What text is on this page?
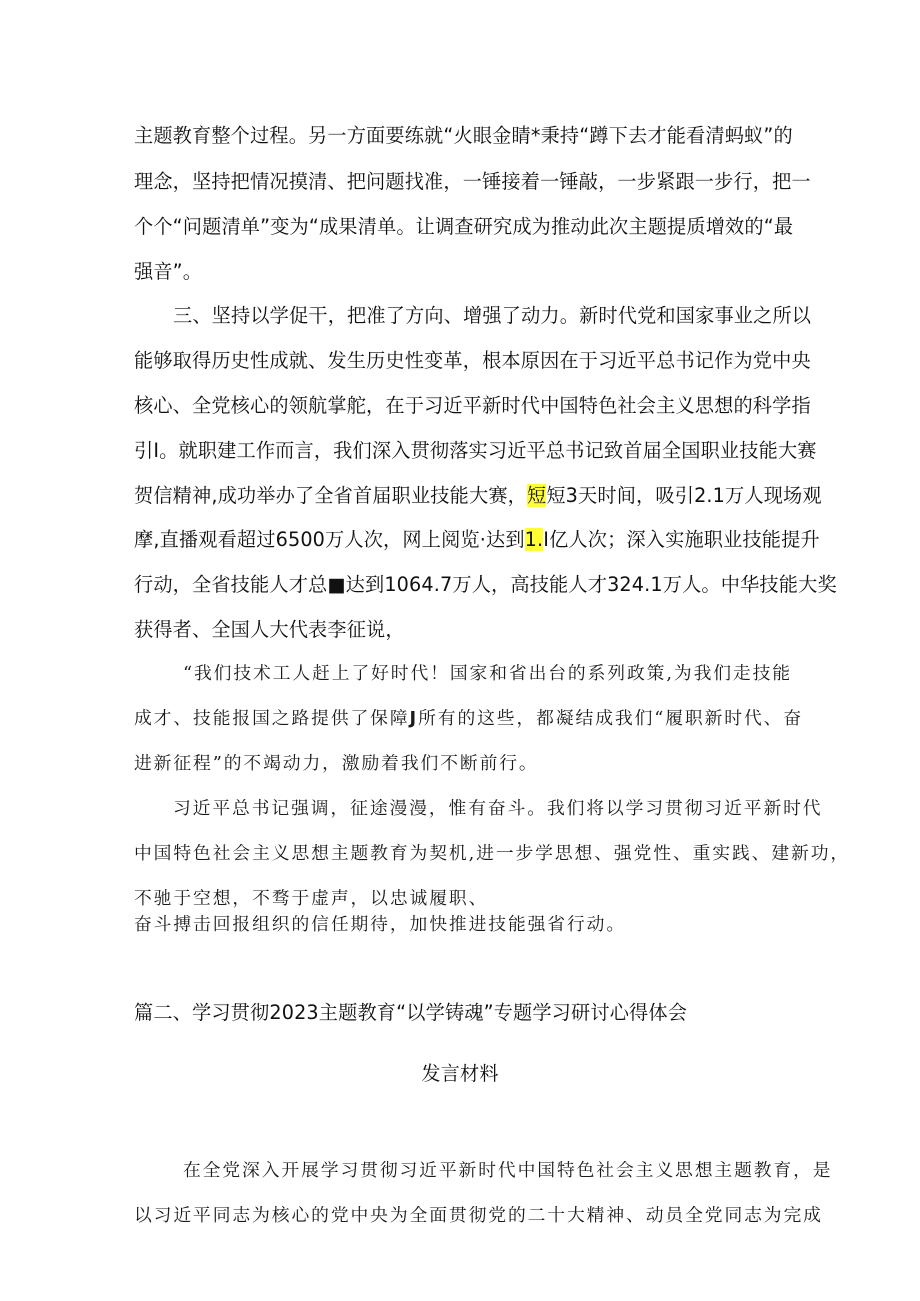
主题教育整个过程。另一方面要练就“火眼金睛*秉持“蹲下去才能看清蚂蚁”的
理念，坚持把情况摸清、把问题找准，一锤接着一锤敲，一步紧跟一步行，把一
个个“问题清单”变为“成果清单。让调查研究成为推动此次主题提质增效的“最
强音”。
三、坚持以学促干，把准了方向、增强了动力。新时代党和国家事业之所以
能够取得历史性成就、发生历史性变革，根本原因在于习近平总书记作为党中央
核心、全党核心的领航掌舵，在于习近平新时代中国特色社会主义思想的科学指
引I。就职建工作而言，我们深入贯彻落实习近平总书记致首届全国职业技能大赛
贺信精神,成功举办了全省首届职业技能大赛，短短3天时间，吸引2.1万人现场观
摩,直播观看超过6500万人次，网上阅览·达到1.I亿人次；深入实施职业技能提升
行动，全省技能人才总■达到1064.7万人，高技能人才324.1万人。中华技能大奖
获得者、全国人大代表李征说，
“我们技术工人赶上了好时代！国家和省出台的系列政策,为我们走技能
成才、技能报国之路提供了保障J所有的这些，都凝结成我们“履职新时代、奋
进新征程”的不竭动力，激励着我们不断前行。
习近平总书记强调，征途漫漫，惟有奋斗。我们将以学习贯彻习近平新时代
中国特色社会主义思想主题教育为契机,进一步学思想、强党性、重实践、建新功，
不驰于空想，不骛于虚声，以忠诚履职、
奋斗搏击回报组织的信任期待，加快推进技能强省行动。
篇二、学习贯彻2023主题教育“以学铸魂”专题学习研讨心得体会
发言材料
在全党深入开展学习贯彻习近平新时代中国特色社会主义思想主题教育，是
以习近平同志为核心的党中央为全面贯彻党的二十大精神、动员全党同志为完成
